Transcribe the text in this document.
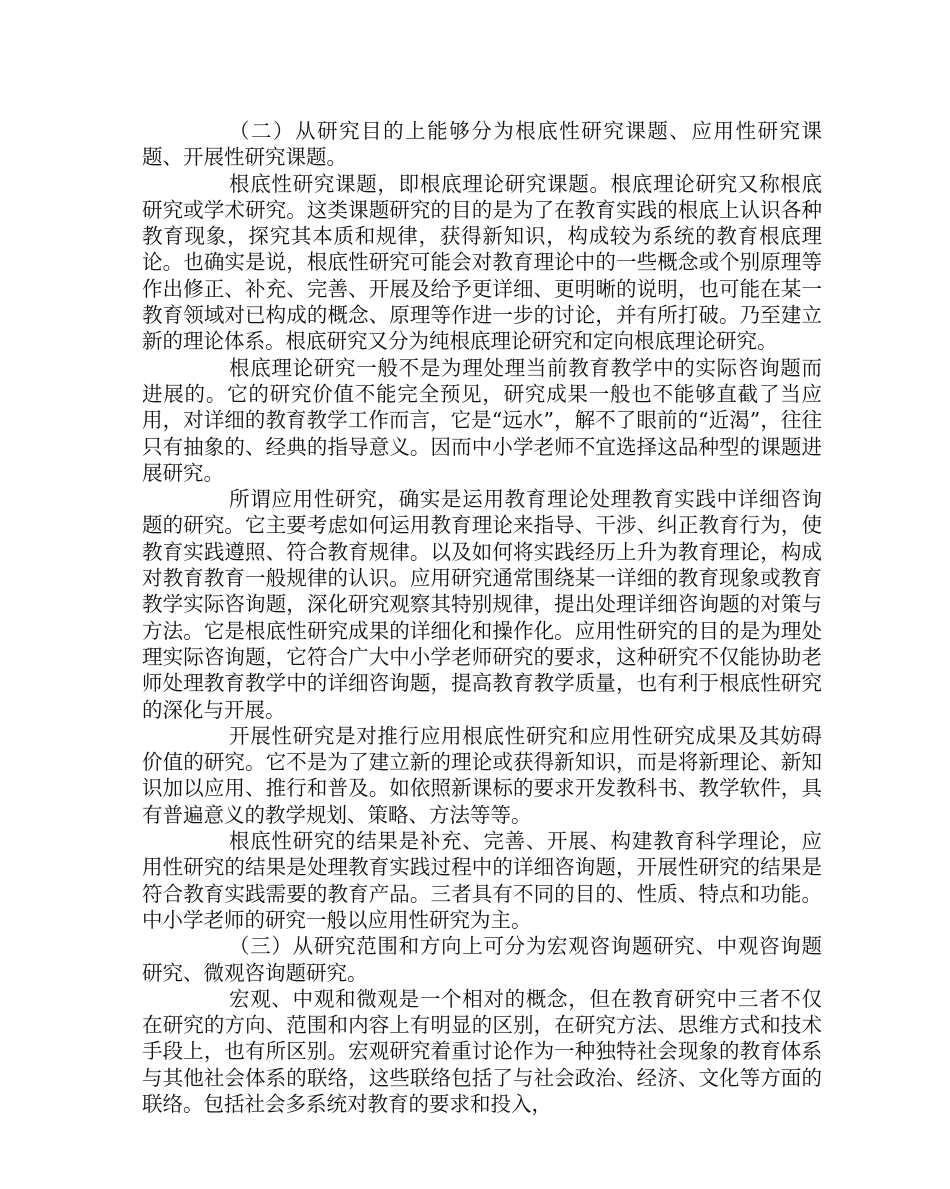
（二）从研究目的上能够分为根底性研究课题、应用性研究课题、开展性研究课题。

根底性研究课题，即根底理论研究课题。根底理论研究又称根底研究或学术研究。这类课题研究的目的是为了在教育实践的根底上认识各种教育现象，探究其本质和规律，获得新知识，构成较为系统的教育根底理论。也确实是说，根底性研究可能会对教育理论中的一些概念或个别原理等作出修正、补充、完善、开展及给予更详细、更明晰的说明，也可能在某一教育领域对已构成的概念、原理等作进一步的讨论，并有所打破。乃至建立新的理论体系。根底研究又分为纯根底理论研究和定向根底理论研究。

根底理论研究一般不是为理处理当前教育教学中的实际咨询题而进展的。它的研究价值不能完全预见，研究成果一般也不能够直截了当应用，对详细的教育教学工作而言，它是“远水”，解不了眼前的“近渴”，往往只有抽象的、经典的指导意义。因而中小学老师不宜选择这品种型的课题进展研究。

所谓应用性研究，确实是运用教育理论处理教育实践中详细咨询题的研究。它主要考虑如何运用教育理论来指导、干涉、纠正教育行为，使教育实践遵照、符合教育规律。以及如何将实践经历上升为教育理论，构成对教育教育一般规律的认识。应用研究通常围绕某一详细的教育现象或教育教学实际咨询题，深化研究观察其特别规律，提出处理详细咨询题的对策与方法。它是根底性研究成果的详细化和操作化。应用性研究的目的是为理处理实际咨询题，它符合广大中小学老师研究的要求，这种研究不仅能协助老师处理教育教学中的详细咨询题，提高教育教学质量，也有利于根底性研究的深化与开展。

开展性研究是对推行应用根底性研究和应用性研究成果及其妨碍价值的研究。它不是为了建立新的理论或获得新知识，而是将新理论、新知识加以应用、推行和普及。如依照新课标的要求开发教科书、教学软件，具有普遍意义的教学规划、策略、方法等等。

根底性研究的结果是补充、完善、开展、构建教育科学理论，应用性研究的结果是处理教育实践过程中的详细咨询题，开展性研究的结果是符合教育实践需要的教育产品。三者具有不同的目的、性质、特点和功能。中小学老师的研究一般以应用性研究为主。

（三）从研究范围和方向上可分为宏观咨询题研究、中观咨询题研究、微观咨询题研究。

宏观、中观和微观是一个相对的概念，但在教育研究中三者不仅在研究的方向、范围和内容上有明显的区别，在研究方法、思维方式和技术手段上，也有所区别。宏观研究着重讨论作为一种独特社会现象的教育体系与其他社会体系的联络，这些联络包括了与社会政治、经济、文化等方面的联络。包括社会多系统对教育的要求和投入，
